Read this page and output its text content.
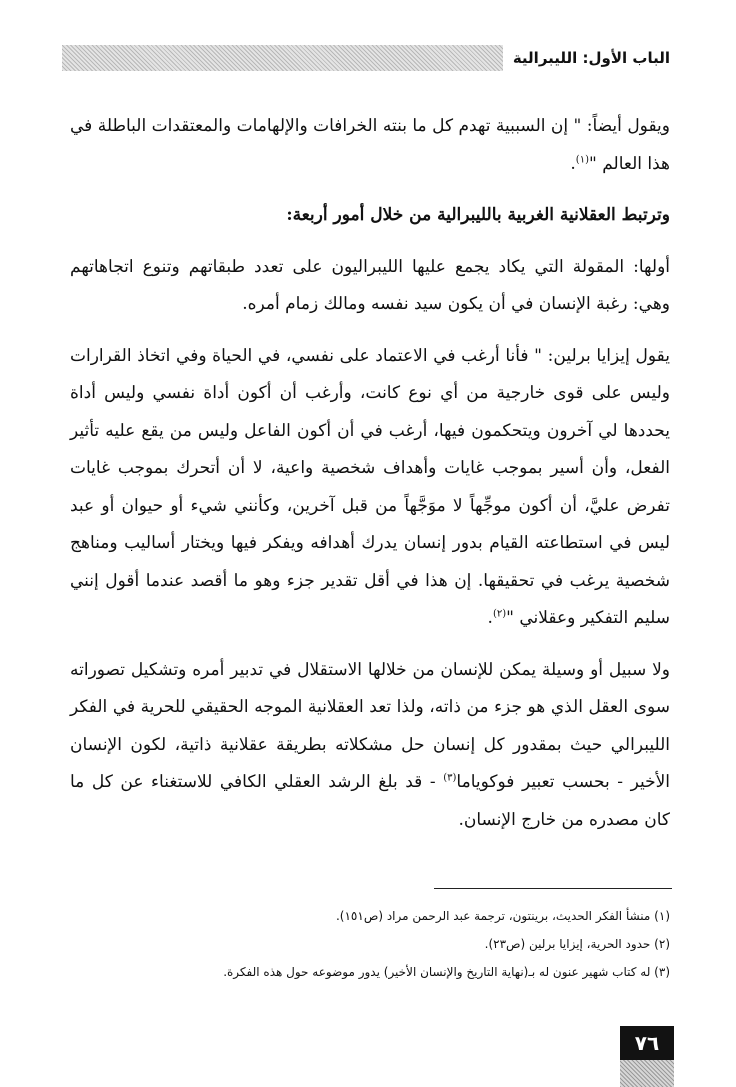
الباب الأول: الليبرالية

ويقول أيضاً: " إن السببية تهدم كل ما بنته الخرافات والإلهامات والمعتقدات الباطلة في هذا العالم "$^{(١)}$.

وترتبط العقلانية الغربية بالليبرالية من خلال أمور أربعة:

أولها: المقولة التي يكاد يجمع عليها الليبراليون على تعدد طبقاتهم وتنوع اتجاهاتهم وهي: رغبة الإنسان في أن يكون سيد نفسه ومالك زمام أمره.

يقول إيزايا برلين: " فأنا أرغب في الاعتماد على نفسي، في الحياة وفي اتخاذ القرارات وليس على قوى خارجية من أي نوع كانت، وأرغب أن أكون أداة نفسي وليس أداة يحددها لي آخرون ويتحكمون فيها، أرغب في أن أكون الفاعل وليس من يقع عليه تأثير الفعل، وأن أسير بموجب غايات وأهداف شخصية واعية، لا أن أتحرك بموجب غايات تفرض عليَّ، أن أكون موجِّهاً لا موَجَّهاً من قبل آخرين، وكأنني شيء أو حيوان أو عبد ليس في استطاعته القيام بدور إنسان يدرك أهدافه ويفكر فيها ويختار أساليب ومناهج شخصية يرغب في تحقيقها. إن هذا في أقل تقدير جزء وهو ما أقصد عندما أقول إنني سليم التفكير وعقلاني "$^{(٢)}$.

ولا سبيل أو وسيلة يمكن للإنسان من خلالها الاستقلال في تدبير أمره وتشكيل تصوراته سوى العقل الذي هو جزء من ذاته، ولذا تعد العقلانية الموجه الحقيقي للحرية في الفكر الليبرالي حيث بمقدور كل إنسان حل مشكلاته بطريقة عقلانية ذاتية، لكون الإنسان الأخير - بحسب تعبير فوكوياما$^{(٣)}$ - قد بلغ الرشد العقلي الكافي للاستغناء عن كل ما كان مصدره من خارج الإنسان.

(١) منشأ الفكر الحديث، برينتون، ترجمة عبد الرحمن مراد (ص١٥١).

(٢) حدود الحرية، إيزايا برلين (ص٢٣).

(٣) له كتاب شهير عنون له بـ(نهاية التاريخ والإنسان الأخير) يدور موضوعه حول هذه الفكرة.

٧٦
